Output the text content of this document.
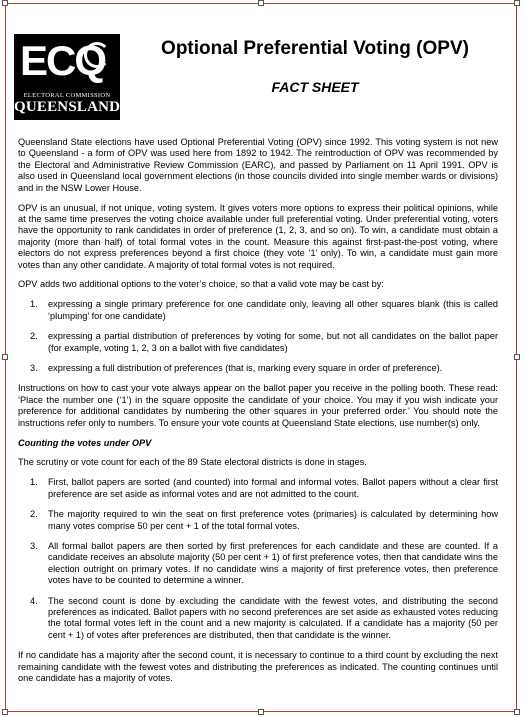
ECQ
ELECTORAL COMMISSION
QUEENSLAND
Optional Preferential Voting (OPV)
FACT SHEET

Queensland State elections have used Optional Preferential Voting (OPV) since 1992. This voting system is not new to Queensland - a form of OPV was used here from 1892 to 1942. The reintroduction of OPV was recommended by the Electoral and Administrative Review Commission (EARC), and passed by Parliament on 11 April 1991. OPV is also used in Queensland local government elections (in those councils divided into single member wards or divisions) and in the NSW Lower House.

OPV is an unusual, if not unique, voting system. It gives voters more options to express their political opinions, while at the same time preserves the voting choice available under full preferential voting. Under preferential voting, voters have the opportunity to rank candidates in order of preference (1, 2, 3, and so on). To win, a candidate must obtain a majority (more than half) of total formal votes in the count. Measure this against first-past-the-post voting, where electors do not express preferences beyond a first choice (they vote ‘1’ only). To win, a candidate must gain more votes than any other candidate. A majority of total formal votes is not required.

OPV adds two additional options to the voter’s choice, so that a valid vote may be cast by:

1. expressing a single primary preference for one candidate only, leaving all other squares blank (this is called ‘plumping’ for one candidate)
2. expressing a partial distribution of preferences by voting for some, but not all candidates on the ballot paper (for example, voting 1, 2, 3 on a ballot with five candidates)
3. expressing a full distribution of preferences (that is, marking every square in order of preference).

Instructions on how to cast your vote always appear on the ballot paper you receive in the polling booth. These read: ‘Place the number one (‘1’) in the square opposite the candidate of your choice. You may if you wish indicate your preference for additional candidates by numbering the other squares in your preferred order.’ You should note the instructions refer only to numbers. To ensure your vote counts at Queensland State elections, use number(s) only.

Counting the votes under OPV

The scrutiny or vote count for each of the 89 State electoral districts is done in stages.

1. First, ballot papers are sorted (and counted) into formal and informal votes. Ballot papers without a clear first preference are set aside as informal votes and are not admitted to the count.
2. The majority required to win the seat on first preference votes (primaries) is calculated by determining how many votes comprise 50 per cent + 1 of the total formal votes.
3. All formal ballot papers are then sorted by first preferences for each candidate and these are counted. If a candidate receives an absolute majority (50 per cent + 1) of first preference votes, then that candidate wins the election outright on primary votes. If no candidate wins a majority of first preference votes, then preference votes have to be counted to determine a winner.
4. The second count is done by excluding the candidate with the fewest votes, and distributing the second preferences as indicated. Ballot papers with no second preferences are set aside as exhausted votes reducing the total formal votes left in the count and a new majority is calculated. If a candidate has a majority (50 per cent + 1) of votes after preferences are distributed, then that candidate is the winner.

If no candidate has a majority after the second count, it is necessary to continue to a third count by excluding the next remaining candidate with the fewest votes and distributing the preferences as indicated. The counting continues until one candidate has a majority of votes.
